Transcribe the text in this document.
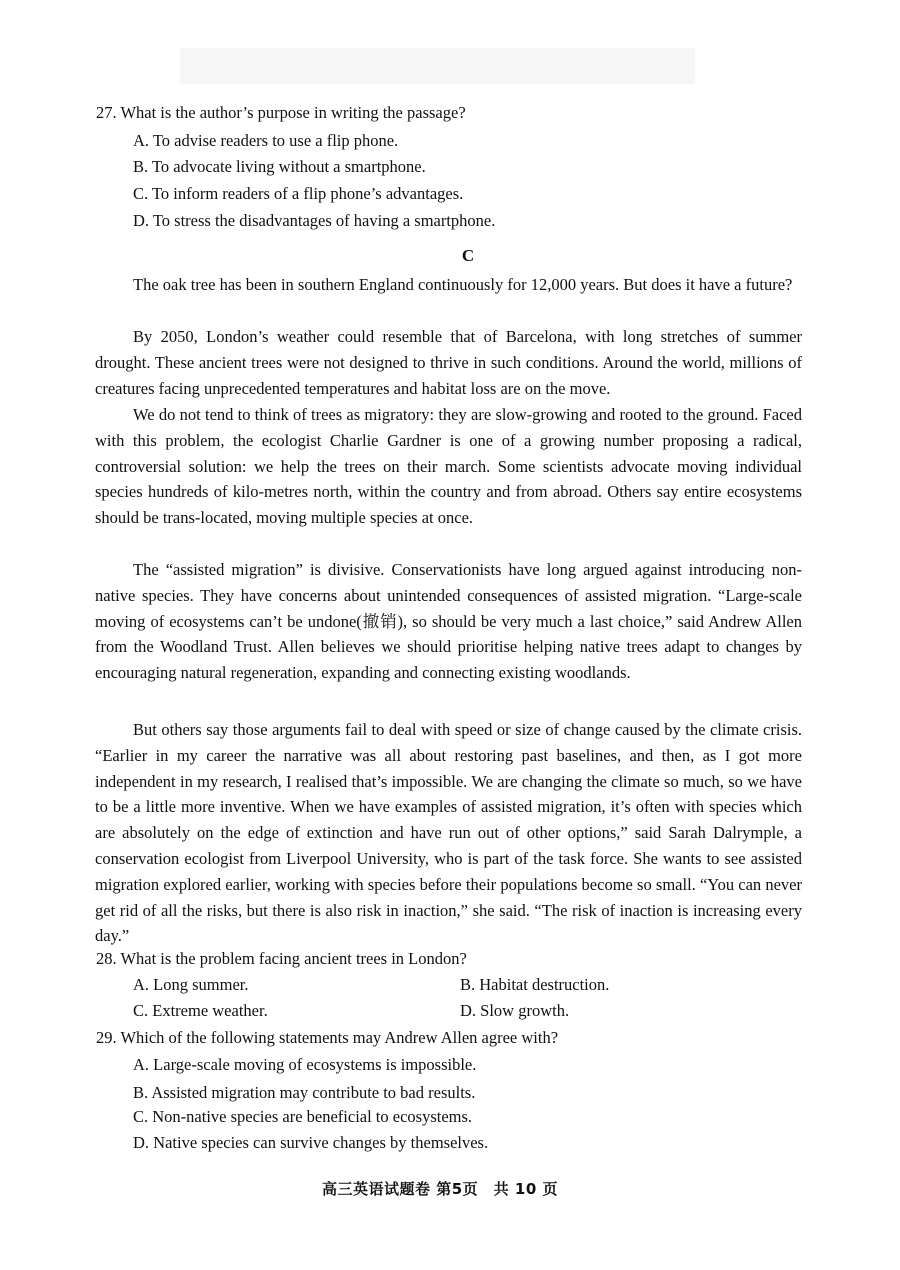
27. What is the author’s purpose in writing the passage?
A. To advise readers to use a flip phone.
B. To advocate living without a smartphone.
C. To inform readers of a flip phone’s advantages.
D. To stress the disadvantages of having a smartphone.
C

The oak tree has been in southern England continuously for 12,000 years. But does it have a future?

By 2050, London’s weather could resemble that of Barcelona, with long stretches of summer drought. These ancient trees were not designed to thrive in such conditions. Around the world, millions of creatures facing unprecedented temperatures and habitat loss are on the move.

We do not tend to think of trees as migratory: they are slow-growing and rooted to the ground. Faced with this problem, the ecologist Charlie Gardner is one of a growing number proposing a radical, controversial solution: we help the trees on their march. Some scientists advocate moving individual species hundreds of kilo-metres north, within the country and from abroad. Others say entire ecosystems should be trans-located, moving multiple species at once.

The “assisted migration” is divisive. Conservationists have long argued against introducing non-native species. They have concerns about unintended consequences of assisted migration. “Large-scale moving of ecosystems can’t be undone(撤销), so should be very much a last choice,” said Andrew Allen from the Woodland Trust. Allen believes we should prioritise helping native trees adapt to changes by encouraging natural regeneration, expanding and connecting existing woodlands.

But others say those arguments fail to deal with speed or size of change caused by the climate crisis. “Earlier in my career the narrative was all about restoring past baselines, and then, as I got more independent in my research, I realised that’s impossible. We are changing the climate so much, so we have to be a little more inventive. When we have examples of assisted migration, it’s often with species which are absolutely on the edge of extinction and have run out of other options,” said Sarah Dalrymple, a conservation ecologist from Liverpool University, who is part of the task force. She wants to see assisted migration explored earlier, working with species before their populations become so small. “You can never get rid of all the risks, but there is also risk in inaction,” she said. “The risk of inaction is increasing every day.”

28. What is the problem facing ancient trees in London?
A. Long summer.	B. Habitat destruction.
C. Extreme weather.	D. Slow growth.
29. Which of the following statements may Andrew Allen agree with?
A. Large-scale moving of ecosystems is impossible.
B. Assisted migration may contribute to bad results.
C. Non-native species are beneficial to ecosystems.
D. Native species can survive changes by themselves.
高三英语试题卷 第5页　共 10 页
